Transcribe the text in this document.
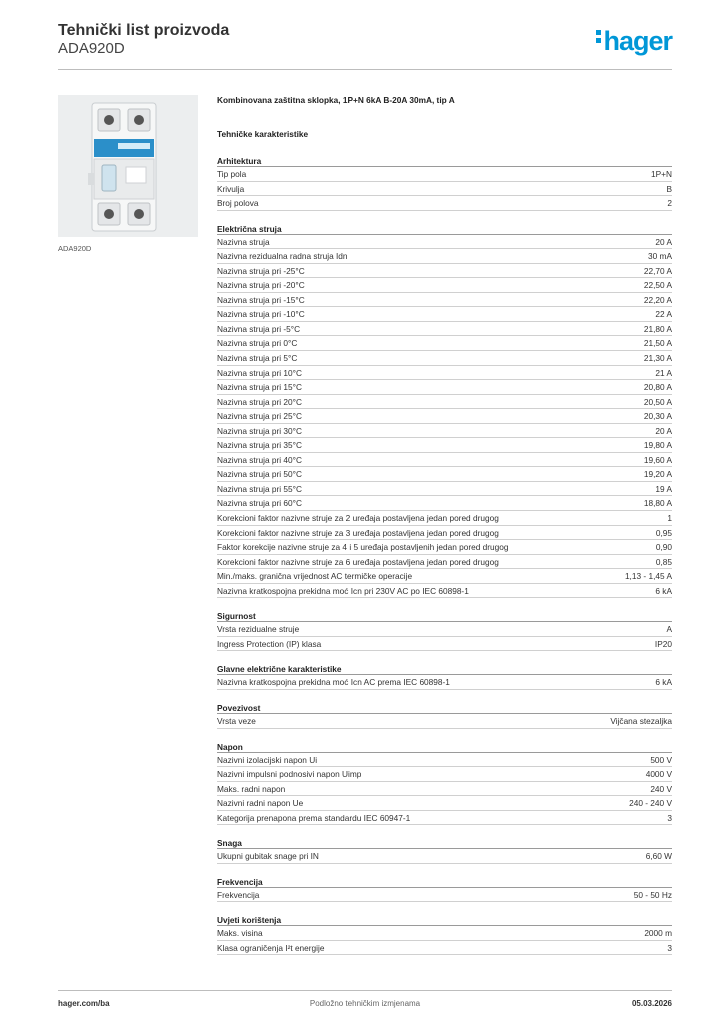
Tehnički list proizvoda
ADA920D	hager
ADA920D
Kombinovana zaštitna sklopka, 1P+N 6kA B-20A 30mA, tip A
Tehničke karakteristike
Arhitektura
Tip pola	1P+N
Krivulja	B
Broj polova	2
Električna struja
Nazivna struja	20 A
Nazivna rezidualna radna struja Idn	30 mA
Nazivna struja pri -25°C	22,70 A
Nazivna struja pri -20°C	22,50 A
Nazivna struja pri -15°C	22,20 A
Nazivna struja pri -10°C	22 A
Nazivna struja pri -5°C	21,80 A
Nazivna struja pri 0°C	21,50 A
Nazivna struja pri 5°C	21,30 A
Nazivna struja pri 10°C	21 A
Nazivna struja pri 15°C	20,80 A
Nazivna struja pri 20°C	20,50 A
Nazivna struja pri 25°C	20,30 A
Nazivna struja pri 30°C	20 A
Nazivna struja pri 35°C	19,80 A
Nazivna struja pri 40°C	19,60 A
Nazivna struja pri 50°C	19,20 A
Nazivna struja pri 55°C	19 A
Nazivna struja pri 60°C	18,80 A
Korekcioni faktor nazivne struje za 2 uređaja postavljena jedan pored drugog	1
Korekcioni faktor nazivne struje za 3 uređaja postavljena jedan pored drugog	0,95
Faktor korekcije nazivne struje za 4 i 5 uređaja postavljenih jedan pored drugog	0,90
Korekcioni faktor nazivne struje za 6 uređaja postavljena jedan pored drugog	0,85
Min./maks. granična vrijednost AC termičke operacije	1,13 - 1,45 A
Nazivna kratkospojna prekidna moć Icn pri 230V AC po IEC 60898-1	6 kA
Sigurnost
Vrsta rezidualne struje	A
Ingress Protection (IP) klasa	IP20
Glavne električne karakteristike
Nazivna kratkospojna prekidna moć Icn AC prema IEC 60898-1	6 kA
Povezivost
Vrsta veze	Vijčana stezaljka
Napon
Nazivni izolacijski napon Ui	500 V
Nazivni impulsni podnosivi napon Uimp	4000 V
Maks. radni napon	240 V
Nazivni radni napon Ue	240 - 240 V
Kategorija prenapona prema standardu IEC 60947-1	3
Snaga
Ukupni gubitak snage pri IN	6,60 W
Frekvencija
Frekvencija	50 - 50 Hz
Uvjeti korištenja
Maks. visina	2000 m
Klasa ograničenja I²t energije	3
hager.com/ba	Podložno tehničkim izmjenama	05.03.2026
